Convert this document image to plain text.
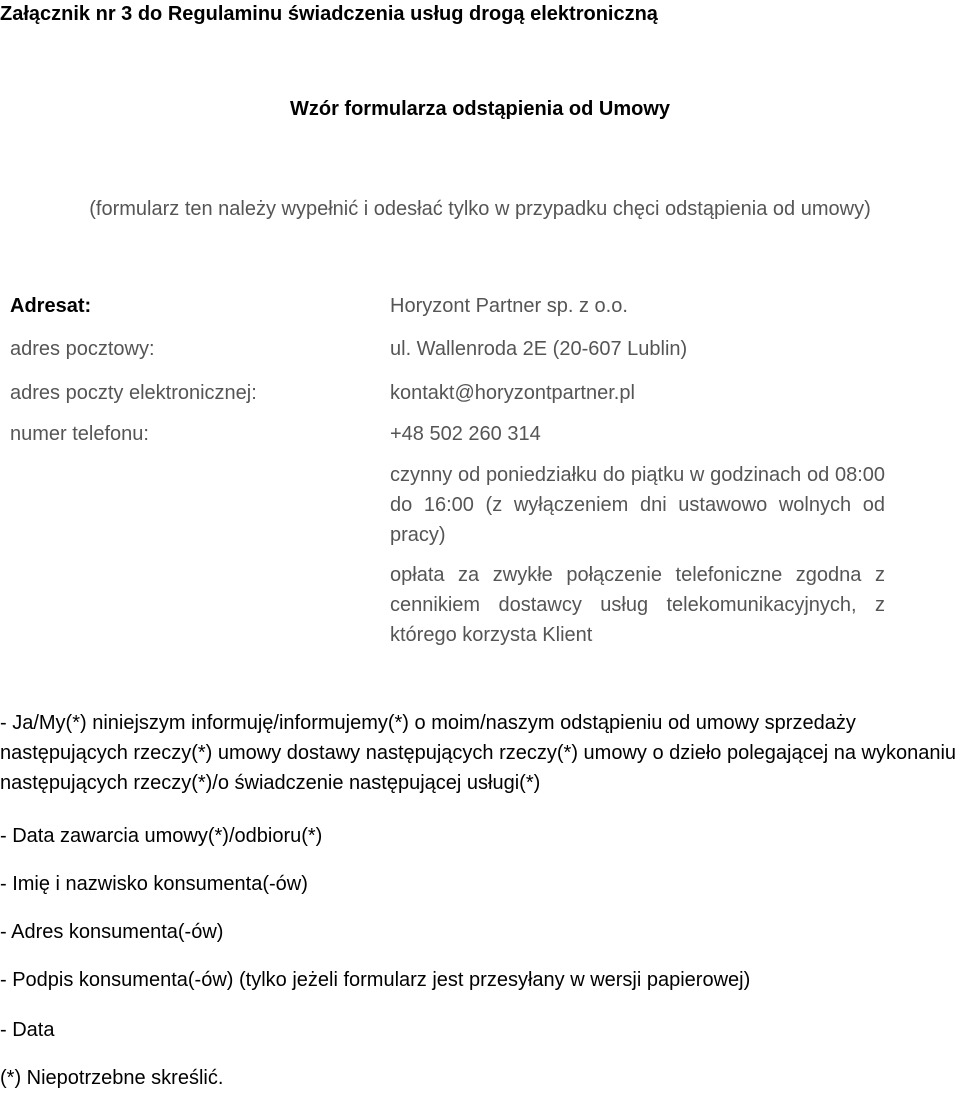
Załącznik nr 3 do Regulaminu świadczenia usług drogą elektroniczną
Wzór formularza odstąpienia od Umowy
(formularz ten należy wypełnić i odesłać tylko w przypadku chęci odstąpienia od umowy)
Adresat:	Horyzont Partner sp. z o.o.
adres pocztowy:	ul. Wallenroda 2E (20-607 Lublin)
adres poczty elektronicznej:	kontakt@horyzontpartner.pl
numer telefonu:	+48 502 260 314
czynny od poniedziałku do piątku w godzinach od 08:00 do 16:00 (z wyłączeniem dni ustawowo wolnych od pracy)
opłata za zwykłe połączenie telefoniczne zgodna z cennikiem dostawcy usług telekomunikacyjnych, z którego korzysta Klient
- Ja/My(*) niniejszym informuję/informujemy(*) o moim/naszym odstąpieniu od umowy sprzedaży następujących rzeczy(*) umowy dostawy następujących rzeczy(*) umowy o dzieło polegającej na wykonaniu następujących rzeczy(*)/o świadczenie następującej usługi(*)
- Data zawarcia umowy(*)/odbioru(*)
- Imię i nazwisko konsumenta(-ów)
- Adres konsumenta(-ów)
- Podpis konsumenta(-ów) (tylko jeżeli formularz jest przesyłany w wersji papierowej)
- Data
(*) Niepotrzebne skreślić.
